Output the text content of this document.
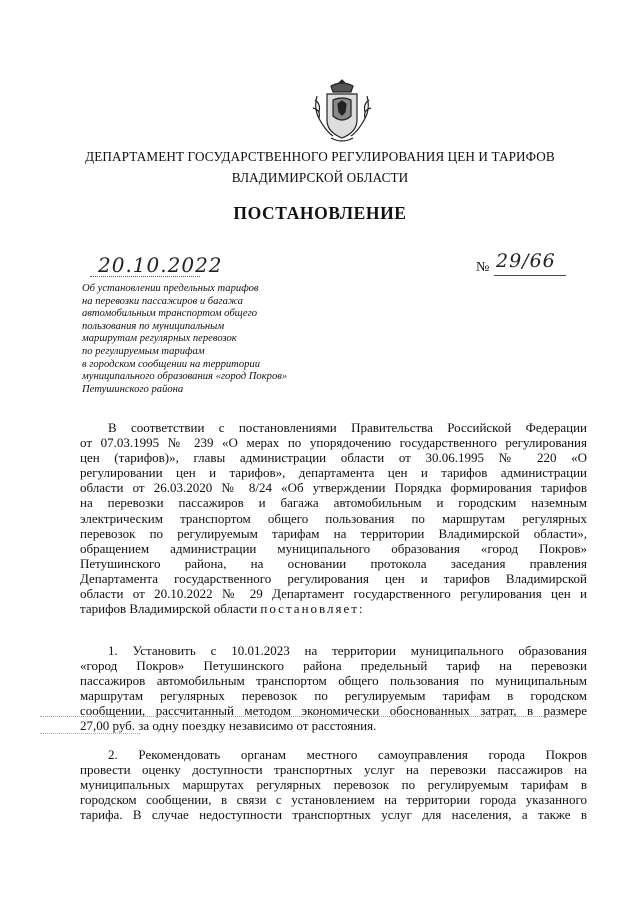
ДЕПАРТАМЕНТ ГОСУДАРСТВЕННОГО РЕГУЛИРОВАНИЯ ЦЕН И ТАРИФОВ
ВЛАДИМИРСКОЙ ОБЛАСТИ
ПОСТАНОВЛЕНИЕ
20.10.2022	№ 29/66
Об установлении предельных тарифов
на перевозки пассажиров и багажа
автомобильным транспортом общего
пользования по муниципальным
маршрутам регулярных перевозок
по регулируемым тарифам
в городском сообщении на территории
муниципального образования «город Покров»
Петушинского района
В соответствии с постановлениями Правительства Российской Федерации
от 07.03.1995 № 239 «О мерах по упорядочению государственного регулирования
цен (тарифов)», главы администрации области от 30.06.1995 № 220 «О
регулировании цен и тарифов», департамента цен и тарифов администрации
области от 26.03.2020 № 8/24 «Об утверждении Порядка формирования тарифов
на перевозки пассажиров и багажа автомобильным и городским наземным
электрическим транспортом общего пользования по маршрутам регулярных
перевозок по регулируемым тарифам на территории Владимирской области»,
обращением администрации муниципального образования «город Покров»
Петушинского района, на основании протокола заседания правления
Департамента государственного регулирования цен и тарифов Владимирской
области от 20.10.2022 № 29 Департамент государственного регулирования цен и
тарифов Владимирской области постановляет:
1. Установить с 10.01.2023 на территории муниципального образования
«город Покров» Петушинского района предельный тариф на перевозки
пассажиров автомобильным транспортом общего пользования по муниципальным
маршрутам регулярных перевозок по регулируемым тарифам в городском
сообщении, рассчитанный методом экономически обоснованных затрат, в размере
27,00 руб. за одну поездку независимо от расстояния.
2. Рекомендовать органам местного самоуправления города Покров
провести оценку доступности транспортных услуг на перевозки пассажиров на
муниципальных маршрутах регулярных перевозок по регулируемым тарифам в
городском сообщении, в связи с установлением на территории города указанного
тарифа. В случае недоступности транспортных услуг для населения, а также в
